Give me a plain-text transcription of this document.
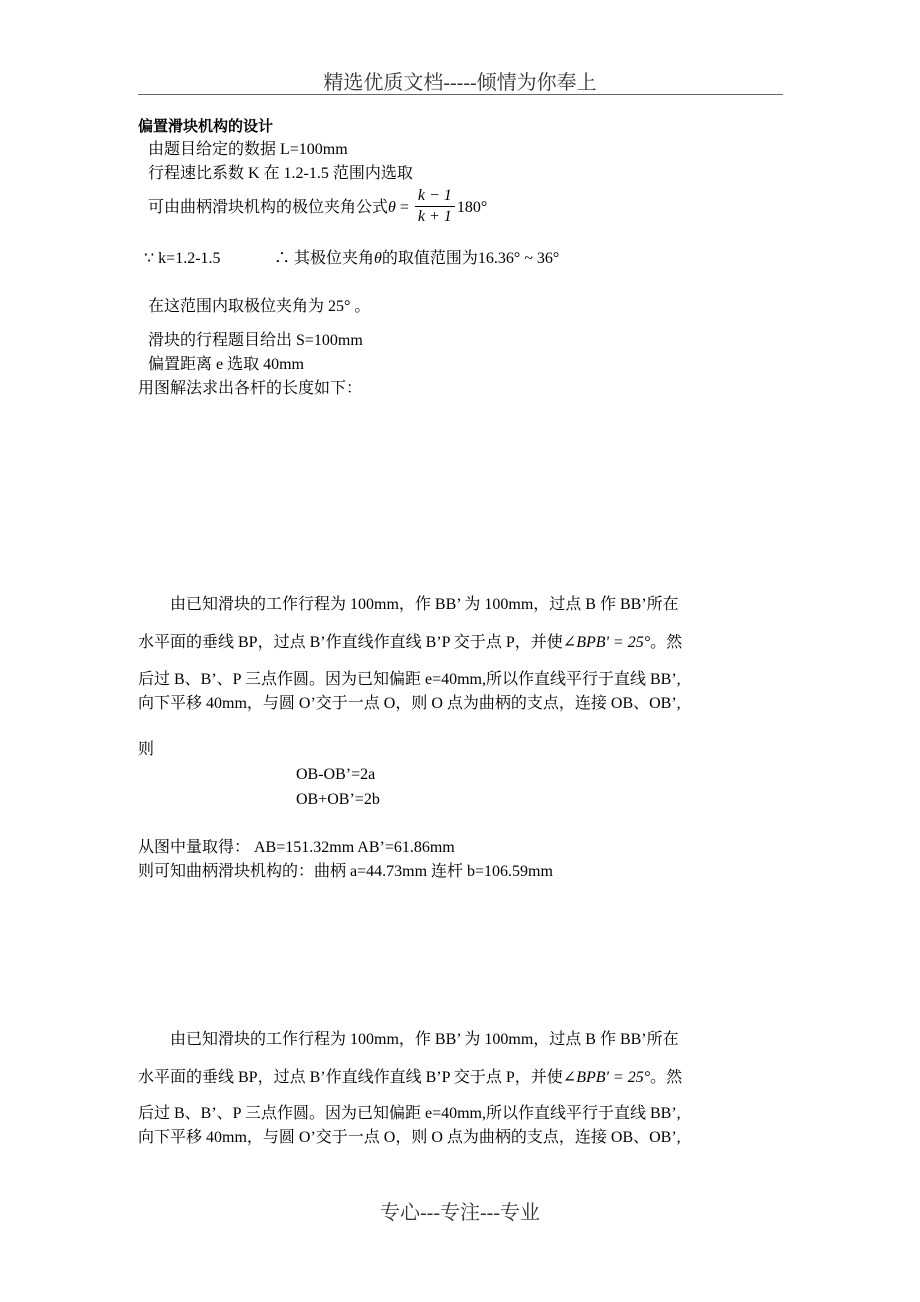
精选优质文档-----倾情为你奉上
偏置滑块机构的设计
由题目给定的数据 L=100mm
行程速比系数 K 在 1.2-1.5 范围内选取
可由曲柄滑块机构的极位夹角公式$\theta = \frac{k - 1}{k + 1} 180^\circ$
∵ k=1.2-1.5	∴ 其极位夹角θ的取值范围为16.36° ~ 36°
在这范围内取极位夹角为 25° 。
滑块的行程题目给出 S=100mm
偏置距离 e 选取 40mm
用图解法求出各杆的长度如下：
由已知滑块的工作行程为 100mm，作 BB’ 为 100mm，过点 B 作 BB’所在
水平面的垂线 BP，过点 B’作直线作直线 B’P 交于点 P，并使∠BPB' = 25°。然
后过 B、B’、P 三点作圆。因为已知偏距 e=40mm,所以作直线平行于直线 BB’,
向下平移 40mm，与圆 O’交于一点 O，则 O 点为曲柄的支点，连接 OB、OB’,
则
OB-OB’=2a
OB+OB’=2b
从图中量取得： AB=151.32mm AB’=61.86mm
则可知曲柄滑块机构的：曲柄 a=44.73mm 连杆 b=106.59mm
由已知滑块的工作行程为 100mm，作 BB’ 为 100mm，过点 B 作 BB’所在
水平面的垂线 BP，过点 B’作直线作直线 B’P 交于点 P，并使∠BPB' = 25°。然
后过 B、B’、P 三点作圆。因为已知偏距 e=40mm,所以作直线平行于直线 BB’,
向下平移 40mm，与圆 O’交于一点 O，则 O 点为曲柄的支点，连接 OB、OB’,
专心---专注---专业
